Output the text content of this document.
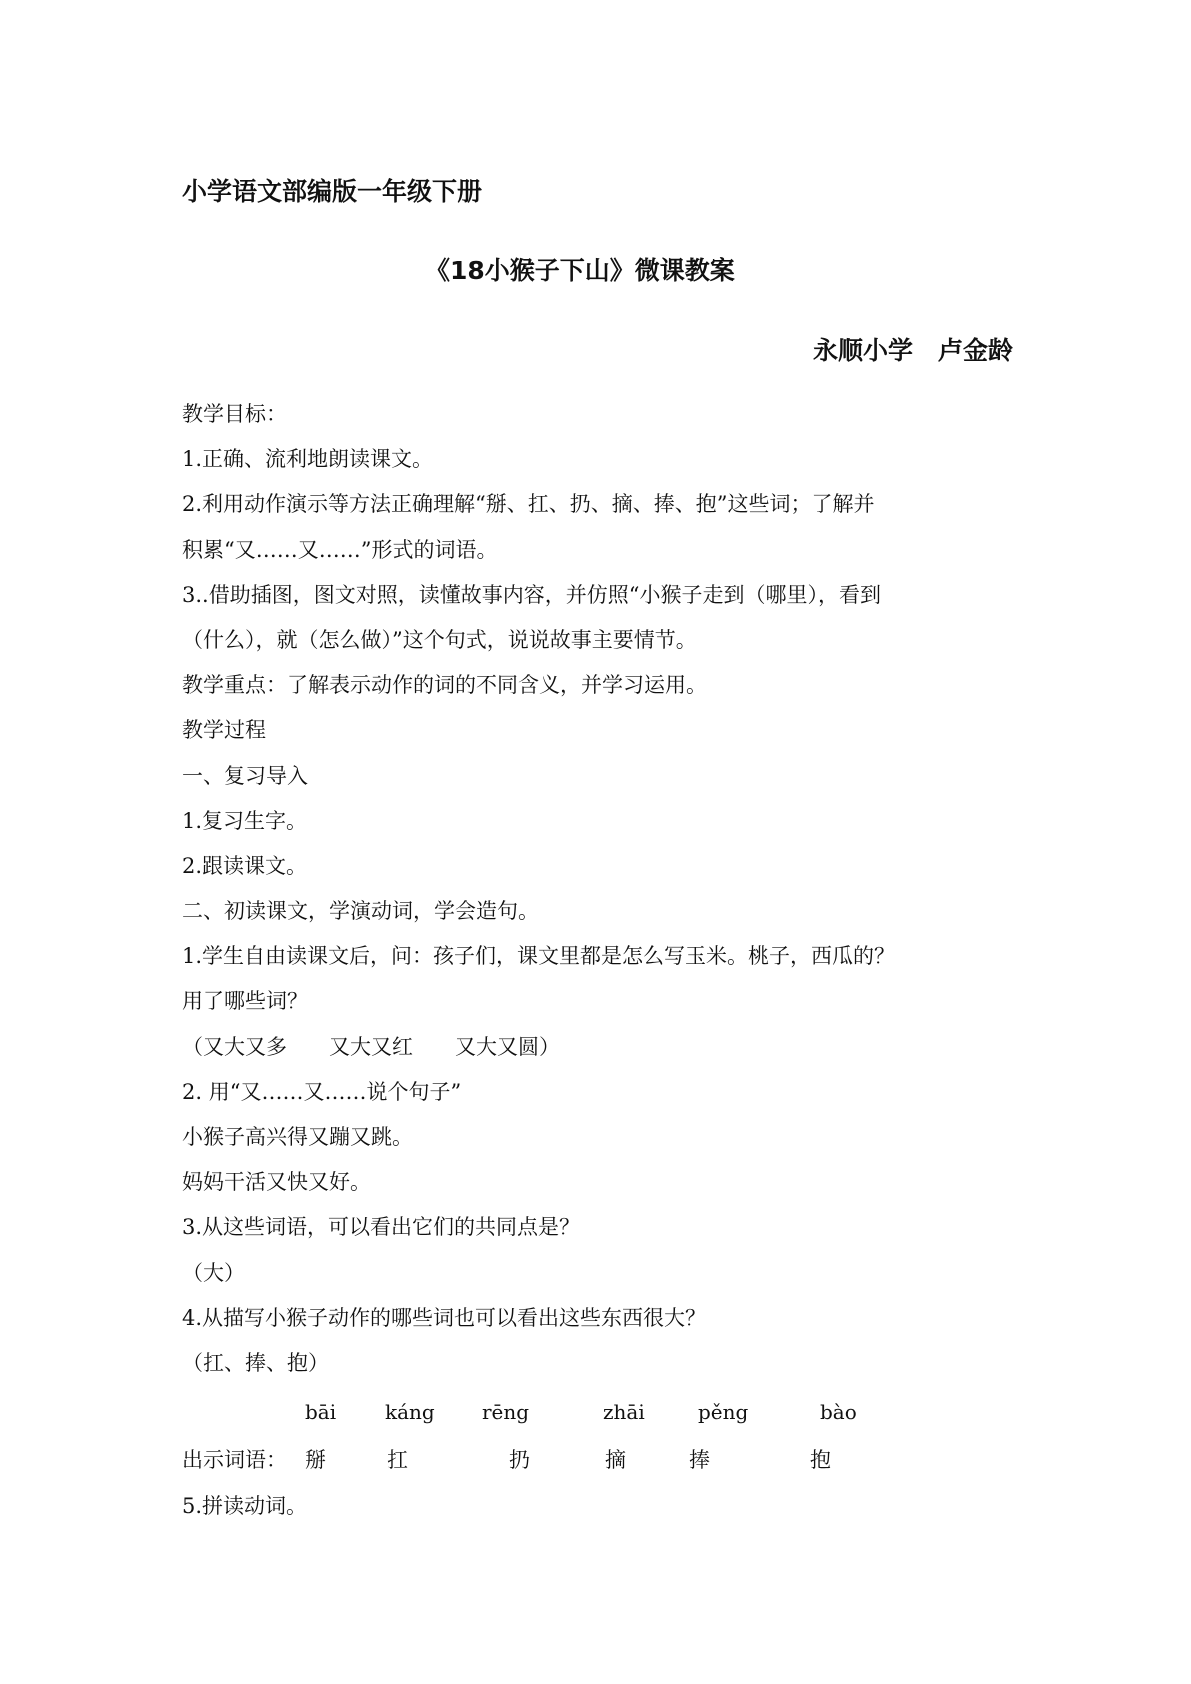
小学语文部编版一年级下册
《18小猴子下山》微课教案
永顺小学　卢金龄
教学目标：
1.正确、流利地朗读课文。
2.利用动作演示等方法正确理解“掰、扛、扔、摘、捧、抱”这些词；了解并
积累“又……又……”形式的词语。
3..借助插图，图文对照，读懂故事内容，并仿照“小猴子走到（哪里），看到
（什么），就（怎么做）”这个句式，说说故事主要情节。
教学重点：了解表示动作的词的不同含义，并学习运用。
教学过程
一、复习导入
1.复习生字。
2.跟读课文。
二、初读课文，学演动词，学会造句。
1.学生自由读课文后，问：孩子们，课文里都是怎么写玉米。桃子，西瓜的？
用了哪些词？
（又大又多　　又大又红　　又大又圆）
2. 用“又……又……说个句子”
小猴子高兴得又蹦又跳。
妈妈干活又快又好。
3.从这些词语，可以看出它们的共同点是？
（大）
4.从描写小猴子动作的哪些词也可以看出这些东西很大？
（扛、捧、抱）
bāi káng rēng	zhāi	pěng	bào
出示词语： 掰	扛	扔	摘	捧	抱
5.拼读动词。
